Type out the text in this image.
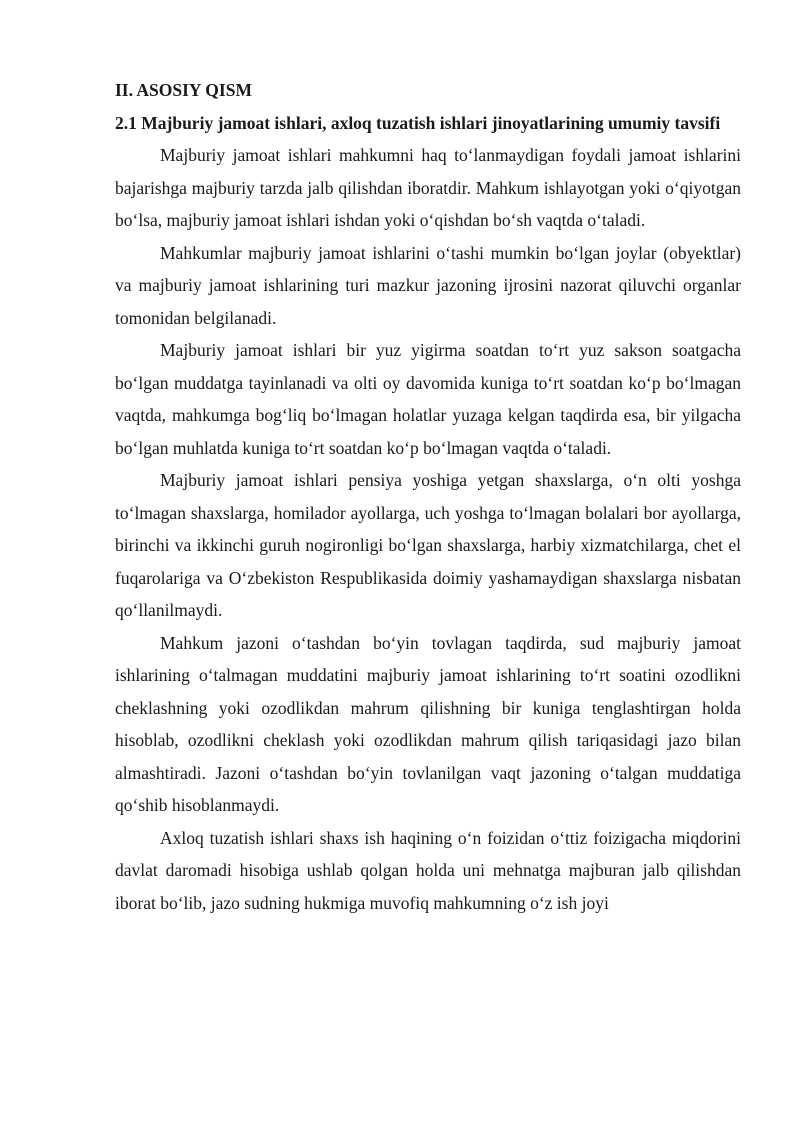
II. ASOSIY QISM

2.1 Majburiy jamoat ishlari, axloq tuzatish ishlari jinoyatlarining umumiy tavsifi

Majburiy jamoat ishlari mahkumni haq to‘lanmaydigan foydali jamoat ishlarini bajarishga majburiy tarzda jalb qilishdan iboratdir. Mahkum ishlayotgan yoki o‘qiyotgan bo‘lsa, majburiy jamoat ishlari ishdan yoki o‘qishdan bo‘sh vaqtda o‘taladi.

Mahkumlar majburiy jamoat ishlarini o‘tashi mumkin bo‘lgan joylar (obyektlar) va majburiy jamoat ishlarining turi mazkur jazoning ijrosini nazorat qiluvchi organlar tomonidan belgilanadi.

Majburiy jamoat ishlari bir yuz yigirma soatdan to‘rt yuz sakson soatgacha bo‘lgan muddatga tayinlanadi va olti oy davomida kuniga to‘rt soatdan ko‘p bo‘lmagan vaqtda, mahkumga bog‘liq bo‘lmagan holatlar yuzaga kelgan taqdirda esa, bir yilgacha bo‘lgan muhlatda kuniga to‘rt soatdan ko‘p bo‘lmagan vaqtda o‘taladi.

Majburiy jamoat ishlari pensiya yoshiga yetgan shaxslarga, o‘n olti yoshga to‘lmagan shaxslarga, homilador ayollarga, uch yoshga to‘lmagan bolalari bor ayollarga, birinchi va ikkinchi guruh nogironligi bo‘lgan shaxslarga, harbiy xizmatchilarga, chet el fuqarolariga va O‘zbekiston Respublikasida doimiy yashamaydigan shaxslarga nisbatan qo‘llanilmaydi.

Mahkum jazoni o‘tashdan bo‘yin tovlagan taqdirda, sud majburiy jamoat ishlarining o‘talmagan muddatini majburiy jamoat ishlarining to‘rt soatini ozodlikni cheklashning yoki ozodlikdan mahrum qilishning bir kuniga tenglashtirgan holda hisoblab, ozodlikni cheklash yoki ozodlikdan mahrum qilish tariqasidagi jazo bilan almashtiradi. Jazoni o‘tashdan bo‘yin tovlanilgan vaqt jazoning o‘talgan muddatiga qo‘shib hisoblanmaydi.

Axloq tuzatish ishlari shaxs ish haqining o‘n foizidan o‘ttiz foizigacha miqdorini davlat daromadi hisobiga ushlab qolgan holda uni mehnatga majburan jalb qilishdan iborat bo‘lib, jazo sudning hukmiga muvofiq mahkumning o‘z ish joyi
